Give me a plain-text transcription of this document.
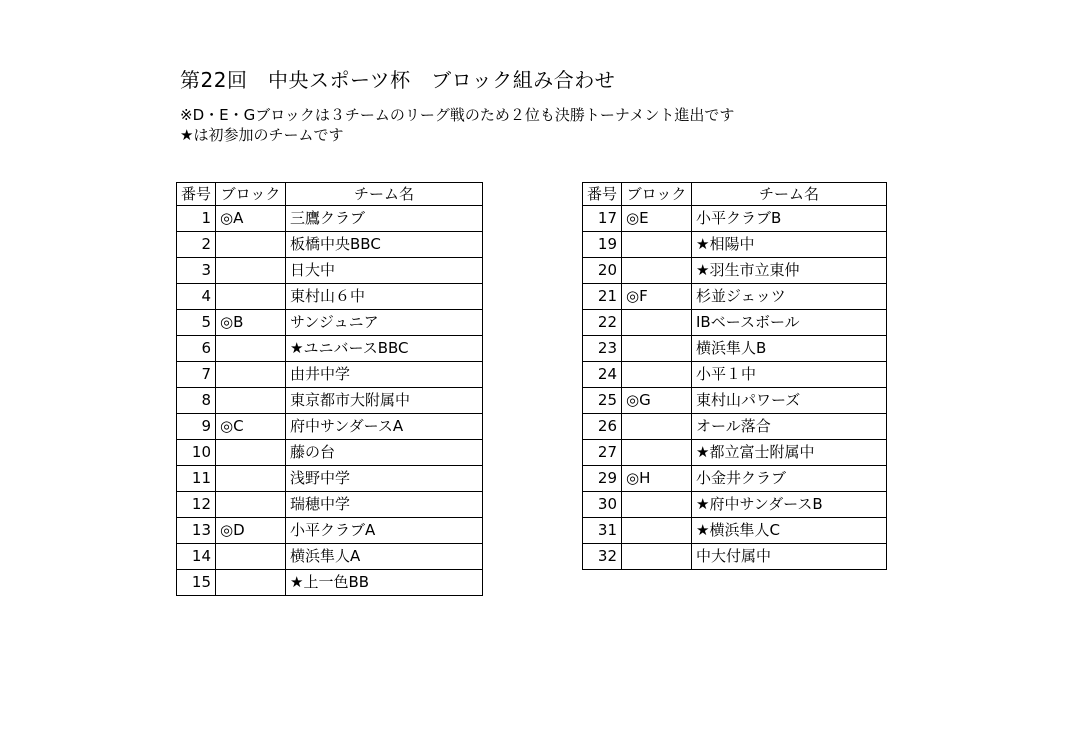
第22回　中央スポーツ杯　ブロック組み合わせ
※D・E・Gブロックは３チームのリーグ戦のため２位も決勝トーナメント進出です
★は初参加のチームです
番号	ブロック	チーム名
1	◎A	三鷹クラブ
2		板橋中央BBC
3		日大中
4		東村山６中
5	◎B	サンジュニア
6		★ユニバースBBC
7		由井中学
8		東京都市大附属中
9	◎C	府中サンダースA
10		藤の台
11		浅野中学
12		瑞穂中学
13	◎D	小平クラブA
14		横浜隼人A
15		★上一色BB
番号	ブロック	チーム名
17	◎E	小平クラブB
19		★相陽中
20		★羽生市立東仲
21	◎F	杉並ジェッツ
22		IBベースボール
23		横浜隼人B
24		小平１中
25	◎G	東村山パワーズ
26		オール落合
27		★都立富士附属中
29	◎H	小金井クラブ
30		★府中サンダースB
31		★横浜隼人C
32		中大付属中
